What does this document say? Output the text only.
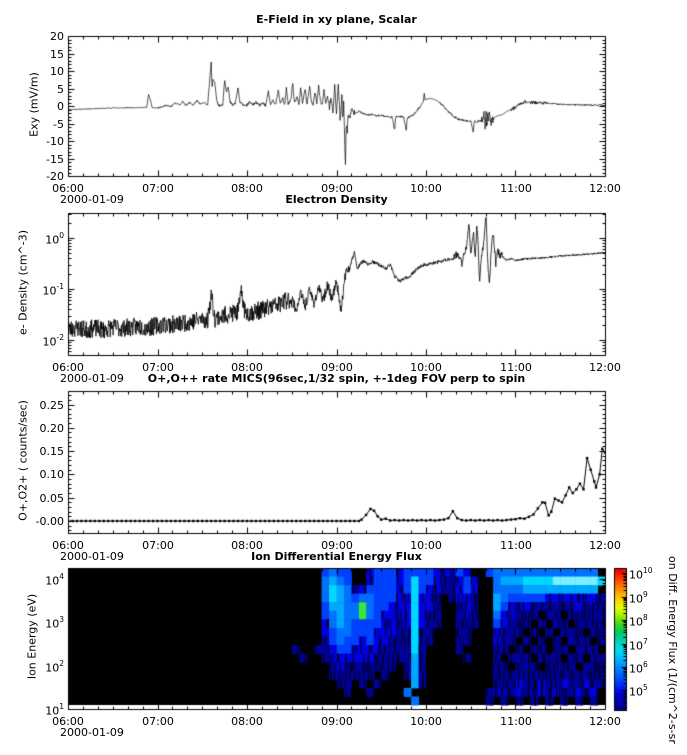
E-Field in xy plane, Scalar
Electron Density
O+,O++ rate MICS(96sec,1/32 spin, +-1deg FOV perp to spin
Ion Differential Energy Flux
Exy (mV/m)
e- Density (cm^-3)
O+,O2+ ( counts/sec)
Ion Energy (eV)
2000-01-09
2000-01-09
2000-01-09
2000-01-09	on Diff. Energy Flux (1/(cm^2-s-sr
06:00	07:00	08:00	09:00	10:00	11:00	12:00
06:00	07:00	08:00	09:00	10:00	11:00	12:00
06:00	07:00	08:00	09:00	10:00	11:00	12:00
06:00	07:00	08:00	09:00	10:00	11:00	12:00
-20
-15
-10
-5
0
5
10
15
20
$10^0$
$10^{-1}$
$10^{-2}$
-0.00
0.05
0.10
0.15
0.20
0.25
$10^4$
$10^3$
$10^2$
$10^1$
$10^{10}$
$10^9$
$10^8$
$10^7$
$10^6$
$10^5$
